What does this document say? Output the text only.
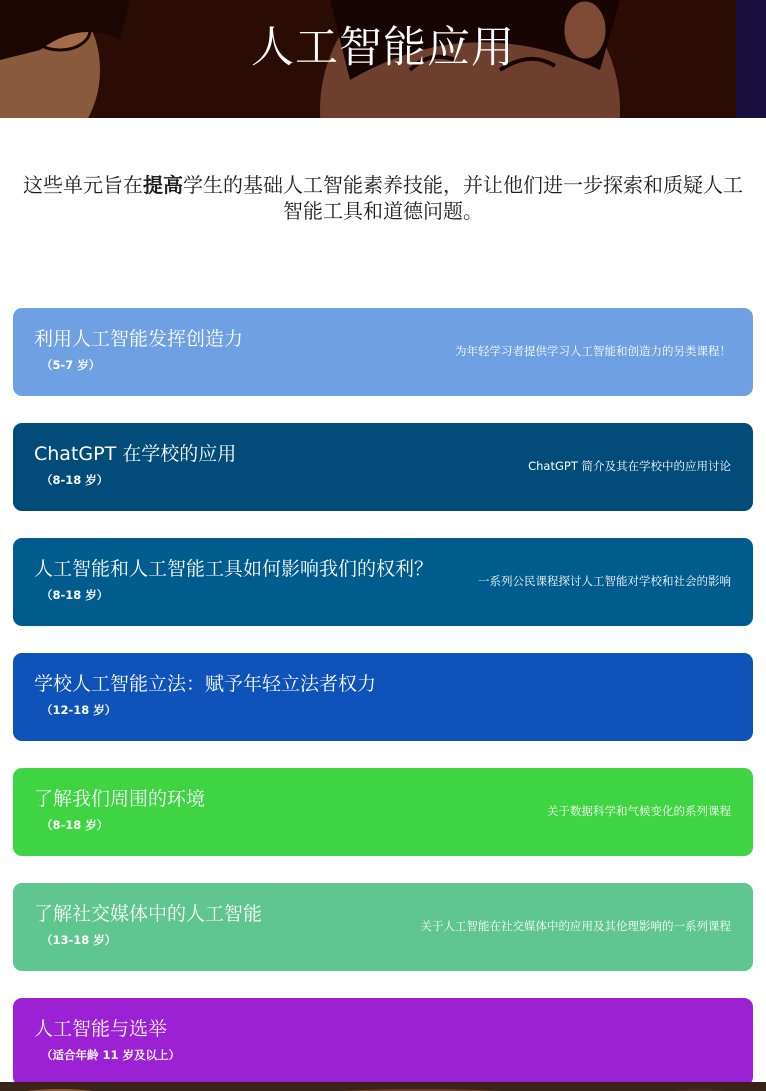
人工智能应用

这些单元旨在提高学生的基础人工智能素养技能，并让他们进一步探索和质疑人工智能工具和道德问题。

利用人工智能发挥创造力
（5-7 岁）
为年轻学习者提供学习人工智能和创造力的另类课程！
ChatGPT 在学校的应用
（8-18 岁）
ChatGPT 简介及其在学校中的应用讨论
人工智能和人工智能工具如何影响我们的权利？
（8-18 岁）
一系列公民课程探讨人工智能对学校和社会的影响
学校人工智能立法：赋予年轻立法者权力
（12-18 岁）
了解我们周围的环境
（8-18 岁）
关于数据科学和气候变化的系列课程
了解社交媒体中的人工智能
（13-18 岁）
关于人工智能在社交媒体中的应用及其伦理影响的一系列课程
人工智能与选举
（适合年龄 11 岁及以上）
